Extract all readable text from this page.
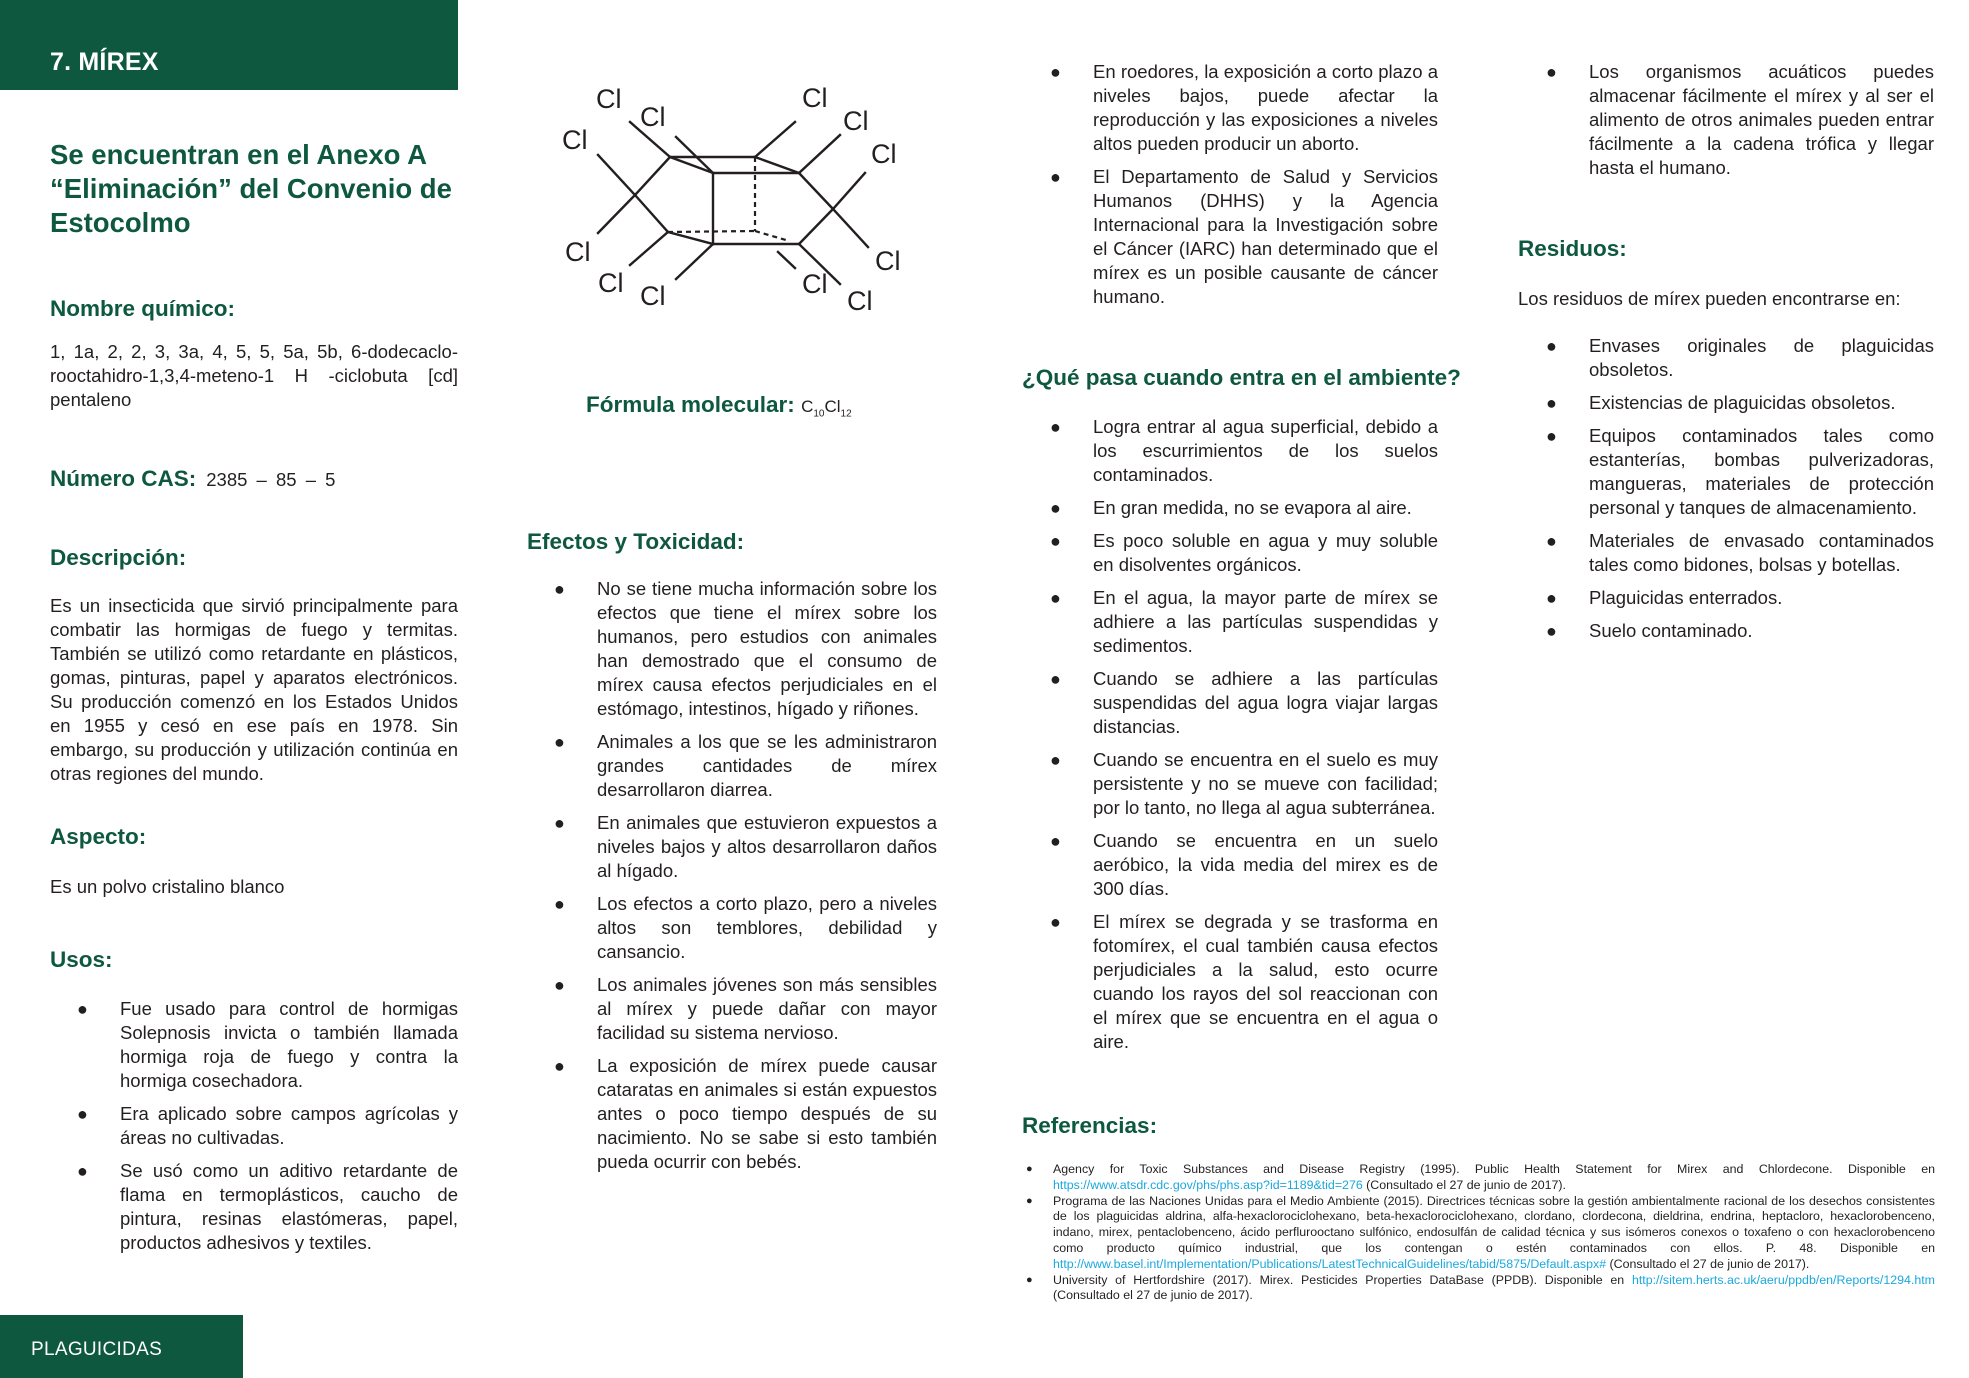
7. MÍREX
Se encuentran en el Anexo A “Eliminación” del Convenio de Estocolmo
Nombre químico:
1, 1a, 2, 2, 3, 3a, 4, 5, 5, 5a, 5b, 6-dodecaclo-rooctahidro-1,3,4-meteno-1 H -ciclobuta [cd] pentaleno
Número CAS: 2385 – 85 – 5
Descripción:
Es un insecticida que sirvió principalmente para combatir las hormigas de fuego y termitas. También se utilizó como retardante en plásticos, gomas, pinturas, papel y aparatos electrónicos. Su producción comenzó en los Estados Unidos en 1955 y cesó en ese país en 1978. Sin embargo, su producción y utilización continúa en otras regiones del mundo.
Aspecto:
Es un polvo cristalino blanco
Usos:
● Fue usado para control de hormigas Solepnosis invicta o también llamada hormiga roja de fuego y contra la hormiga cosechadora.
● Era aplicado sobre campos agrícolas y áreas no cultivadas.
● Se usó como un aditivo retardante de flama en termoplásticos, caucho de pintura, resinas elastómeras, papel, productos adhesivos y textiles.
PLAGUICIDAS
Cl
Cl
Cl
Cl
Cl
Cl
Cl
Cl Cl	Cl
Cl
Cl
Fórmula molecular: $C_{10}Cl_{12}$
Efectos y Toxicidad:
● No se tiene mucha información sobre los efectos que tiene el mírex sobre los humanos, pero estudios con animales han demostrado que el consumo de mírex causa efectos perjudiciales en el estómago, intestinos, hígado y riñones.
● Animales a los que se les administraron grandes cantidades de mírex desarrollaron diarrea.
● En animales que estuvieron expuestos a niveles bajos y altos desarrollaron daños al hígado.
● Los efectos a corto plazo, pero a niveles altos son temblores, debilidad y cansancio.
● Los animales jóvenes son más sensibles al mírex y puede dañar con mayor facilidad su sistema nervioso.
● La exposición de mírex puede causar cataratas en animales si están expuestos antes o poco tiempo después de su nacimiento. No se sabe si esto también pueda ocurrir con bebés.
● En roedores, la exposición a corto plazo a niveles bajos, puede afectar la reproducción y las exposiciones a niveles altos pueden producir un aborto.
● El Departamento de Salud y Servicios Humanos (DHHS) y la Agencia Internacional para la Investigación sobre el Cáncer (IARC) han determinado que el mírex es un posible causante de cáncer humano.
¿Qué pasa cuando entra en el ambiente?
● Logra entrar al agua superficial, debido a los escurrimientos de los suelos contaminados.
● En gran medida, no se evapora al aire.
● Es poco soluble en agua y muy soluble en disolventes orgánicos.
● En el agua, la mayor parte de mírex se adhiere a las partículas suspendidas y sedimentos.
● Cuando se adhiere a las partículas suspendidas del agua logra viajar largas distancias.
● Cuando se encuentra en el suelo es muy persistente y no se mueve con facilidad; por lo tanto, no llega al agua subterránea.
● Cuando se encuentra en un suelo aeróbico, la vida media del mirex es de 300 días.
● El mírex se degrada y se trasforma en fotomírex, el cual también causa efectos perjudiciales a la salud, esto ocurre cuando los rayos del sol reaccionan con el mírex que se encuentra en el agua o aire.
● Los organismos acuáticos puedes almacenar fácilmente el mírex y al ser el alimento de otros animales pueden entrar fácilmente a la cadena trófica y llegar hasta el humano.
Residuos:
Los residuos de mírex pueden encontrarse en:
● Envases originales de plaguicidas obsoletos.
● Existencias de plaguicidas obsoletos.
● Equipos contaminados tales como estanterías, bombas pulverizadoras, mangueras, materiales de protección personal y tanques de almacenamiento.
● Materiales de envasado contaminados tales como bidones, bolsas y botellas.
● Plaguicidas enterrados.
● Suelo contaminado.
Referencias:
● Agency for Toxic Substances and Disease Registry (1995). Public Health Statement for Mirex and Chlordecone. Disponible en https://www.atsdr.cdc.gov/phs/phs.asp?id=1189&tid=276 (Consultado el 27 de junio de 2017).
● Programa de las Naciones Unidas para el Medio Ambiente (2015). Directrices técnicas sobre la gestión ambientalmente racional de los desechos consistentes de los plaguicidas aldrina, alfa-hexaclorociclohexano, beta-hexaclorociclohexano, clordano, clordecona, dieldrina, endrina, heptacloro, hexaclorobenceno, indano, mirex, pentaclobenceno, ácido perflurooctano sulfónico, endosulfán de calidad técnica y sus isómeros conexos o toxafeno o con hexaclorobenceno como producto químico industrial, que los contengan o estén contaminados con ellos. P. 48. Disponible en http://www.basel.int/Implementation/Publications/LatestTechnicalGuidelines/tabid/5875/Default.aspx# (Consultado el 27 de junio de 2017).
● University of Hertfordshire (2017). Mirex. Pesticides Properties DataBase (PPDB). Disponible en http://sitem.herts.ac.uk/aeru/ppdb/en/Reports/1294.htm (Consultado el 27 de junio de 2017).
